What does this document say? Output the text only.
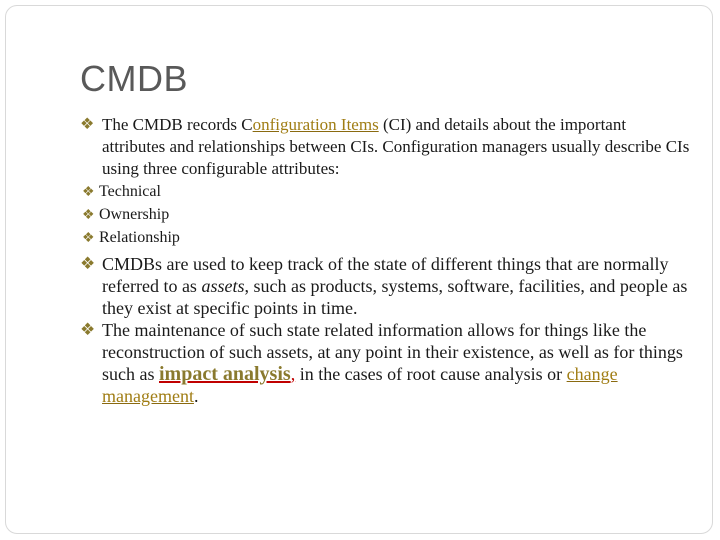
CMDB
❖ The CMDB records Configuration Items (CI) and details about the important attributes and relationships between CIs. Configuration managers usually describe CIs using three configurable attributes:
❖ Technical
❖ Ownership
❖ Relationship
❖ CMDBs are used to keep track of the state of different things that are normally referred to as assets, such as products, systems, software, facilities, and people as they exist at specific points in time.
❖ The maintenance of such state related information allows for things like the reconstruction of such assets, at any point in their existence, as well as for things such as impact analysis, in the cases of root cause analysis or change management.
